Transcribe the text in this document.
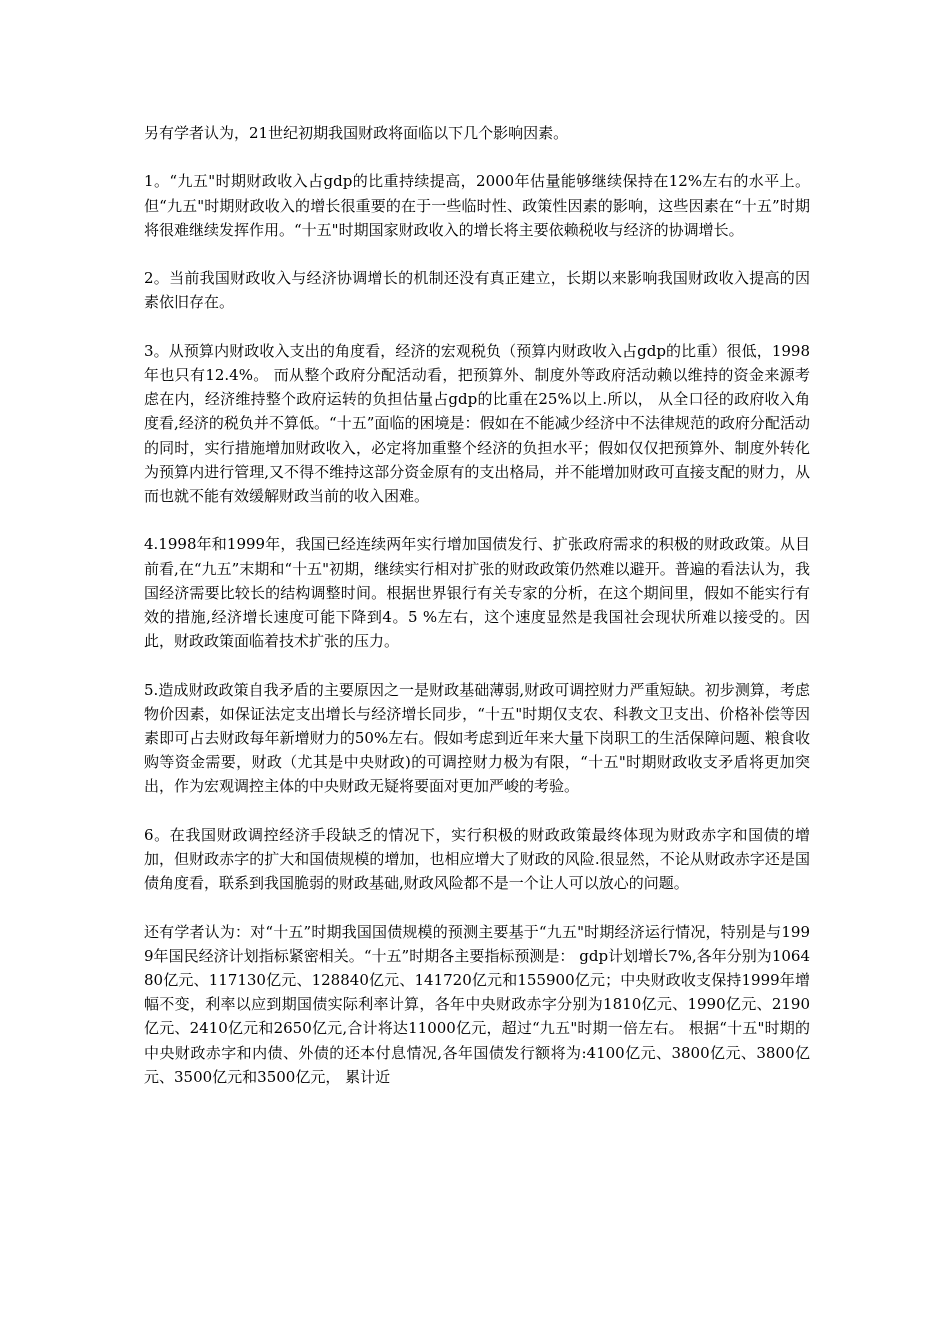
另有学者认为，21世纪初期我国财政将面临以下几个影响因素。

1。“九五"时期财政收入占gdp的比重持续提高，2000年估量能够继续保持在12%左右的水平上。但“九五"时期财政收入的增长很重要的在于一些临时性、政策性因素的影响，这些因素在“十五”时期将很难继续发挥作用。“十五"时期国家财政收入的增长将主要依赖税收与经济的协调增长。

2。当前我国财政收入与经济协调增长的机制还没有真正建立，长期以来影响我国财政收入提高的因素依旧存在。

3。从预算内财政收入支出的角度看，经济的宏观税负（预算内财政收入占gdp的比重）很低，1998年也只有12.4%。 而从整个政府分配活动看，把预算外、制度外等政府活动赖以维持的资金来源考虑在内，经济维持整个政府运转的负担估量占gdp的比重在25%以上.所以， 从全口径的政府收入角度看,经济的税负并不算低。“十五”面临的困境是：假如在不能减少经济中不法律规范的政府分配活动的同时，实行措施增加财政收入，必定将加重整个经济的负担水平；假如仅仅把预算外、制度外转化为预算内进行管理,又不得不维持这部分资金原有的支出格局，并不能增加财政可直接支配的财力，从而也就不能有效缓解财政当前的收入困难。

4.1998年和1999年，我国已经连续两年实行增加国债发行、扩张政府需求的积极的财政政策。从目前看,在“九五”末期和“十五"初期，继续实行相对扩张的财政政策仍然难以避开。普遍的看法认为，我国经济需要比较长的结构调整时间。根据世界银行有关专家的分析，在这个期间里，假如不能实行有效的措施,经济增长速度可能下降到4。5 %左右，这个速度显然是我国社会现状所难以接受的。因此，财政政策面临着技术扩张的压力。

5.造成财政政策自我矛盾的主要原因之一是财政基础薄弱,财政可调控财力严重短缺。初步测算，考虑物价因素，如保证法定支出增长与经济增长同步，“十五"时期仅支农、科教文卫支出、价格补偿等因素即可占去财政每年新增财力的50%左右。假如考虑到近年来大量下岗职工的生活保障问题、粮食收购等资金需要，财政（尤其是中央财政)的可调控财力极为有限，“十五"时期财政收支矛盾将更加突出，作为宏观调控主体的中央财政无疑将要面对更加严峻的考验。

6。在我国财政调控经济手段缺乏的情况下，实行积极的财政政策最终体现为财政赤字和国债的增加，但财政赤字的扩大和国债规模的增加，也相应增大了财政的风险.很显然，不论从财政赤字还是国债角度看，联系到我国脆弱的财政基础,财政风险都不是一个让人可以放心的问题。

还有学者认为：对“十五”时期我国国债规模的预测主要基于“九五"时期经济运行情况，特别是与1999年国民经济计划指标紧密相关。“十五”时期各主要指标预测是： gdp计划增长7%,各年分别为106480亿元、117130亿元、128840亿元、141720亿元和155900亿元；中央财政收支保持1999年增幅不变，利率以应到期国债实际利率计算，各年中央财政赤字分别为1810亿元、1990亿元、2190亿元、2410亿元和2650亿元,合计将达11000亿元，超过“九五"时期一倍左右。 根据“十五"时期的中央财政赤字和内债、外债的还本付息情况,各年国债发行额将为:4100亿元、3800亿元、3800亿元、3500亿元和3500亿元， 累计近
